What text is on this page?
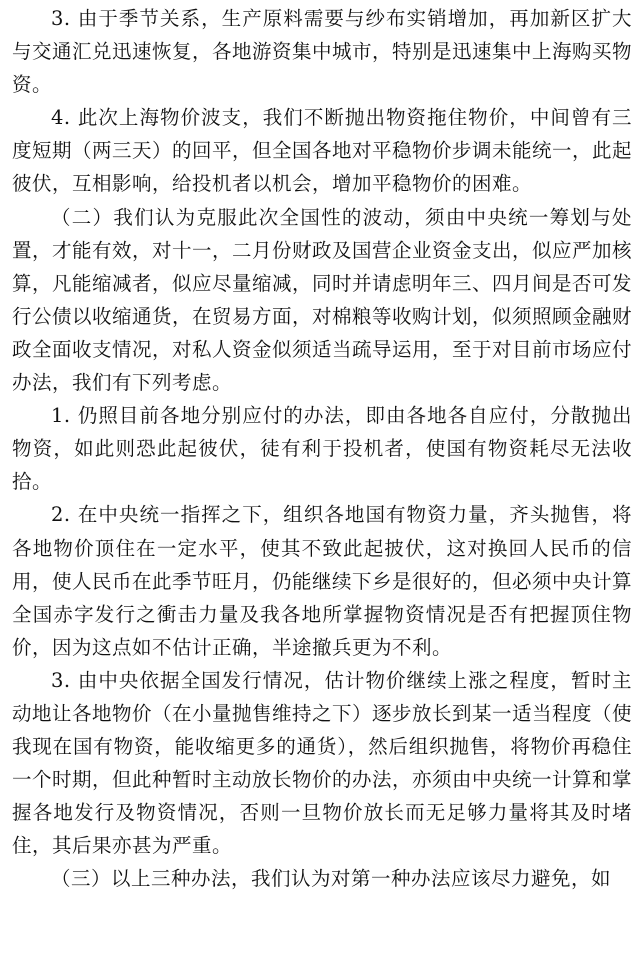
3. 由于季节关系，生产原料需要与纱布实销增加，再加新区扩大与交通汇兑迅速恢复，各地游资集中城市，特别是迅速集中上海购买物资。

4. 此次上海物价波支，我们不断抛出物资拖住物价，中间曾有三度短期（两三天）的回平，但全国各地对平稳物价步调未能统一，此起彼伏，互相影响，给投机者以机会，增加平稳物价的困难。

（二）我们认为克服此次全国性的波动，须由中央统一筹划与处置，才能有效，对十一，二月份财政及国营企业资金支出，似应严加核算，凡能缩减者，似应尽量缩减，同时并请虑明年三、四月间是否可发行公债以收缩通货，在贸易方面，对棉粮等收购计划，似须照顾金融财政全面收支情况，对私人资金似须适当疏导运用，至于对目前市场应付办法，我们有下列考虑。

1. 仍照目前各地分别应付的办法，即由各地各自应付，分散抛出物资，如此则恐此起彼伏，徒有利于投机者，使国有物资耗尽无法收拾。

2. 在中央统一指挥之下，组织各地国有物资力量，齐头抛售，将各地物价顶住在一定水平，使其不致此起披伏，这对换回人民币的信用，使人民币在此季节旺月，仍能继续下乡是很好的，但必须中央计算全国赤字发行之衝击力量及我各地所掌握物资情况是否有把握顶住物价，因为这点如不估计正确，半途撤兵更为不利。

3. 由中央依据全国发行情况，估计物价继续上涨之程度，暂时主动地让各地物价（在小量抛售维持之下）逐步放长到某一适当程度（使我现在国有物资，能收缩更多的通货），然后组织抛售，将物价再稳住一个时期，但此种暂时主动放长物价的办法，亦须由中央统一计算和掌握各地发行及物资情况，否则一旦物价放长而无足够力量将其及时堵住，其后果亦甚为严重。

（三）以上三种办法，我们认为对第一种办法应该尽力避免，如
